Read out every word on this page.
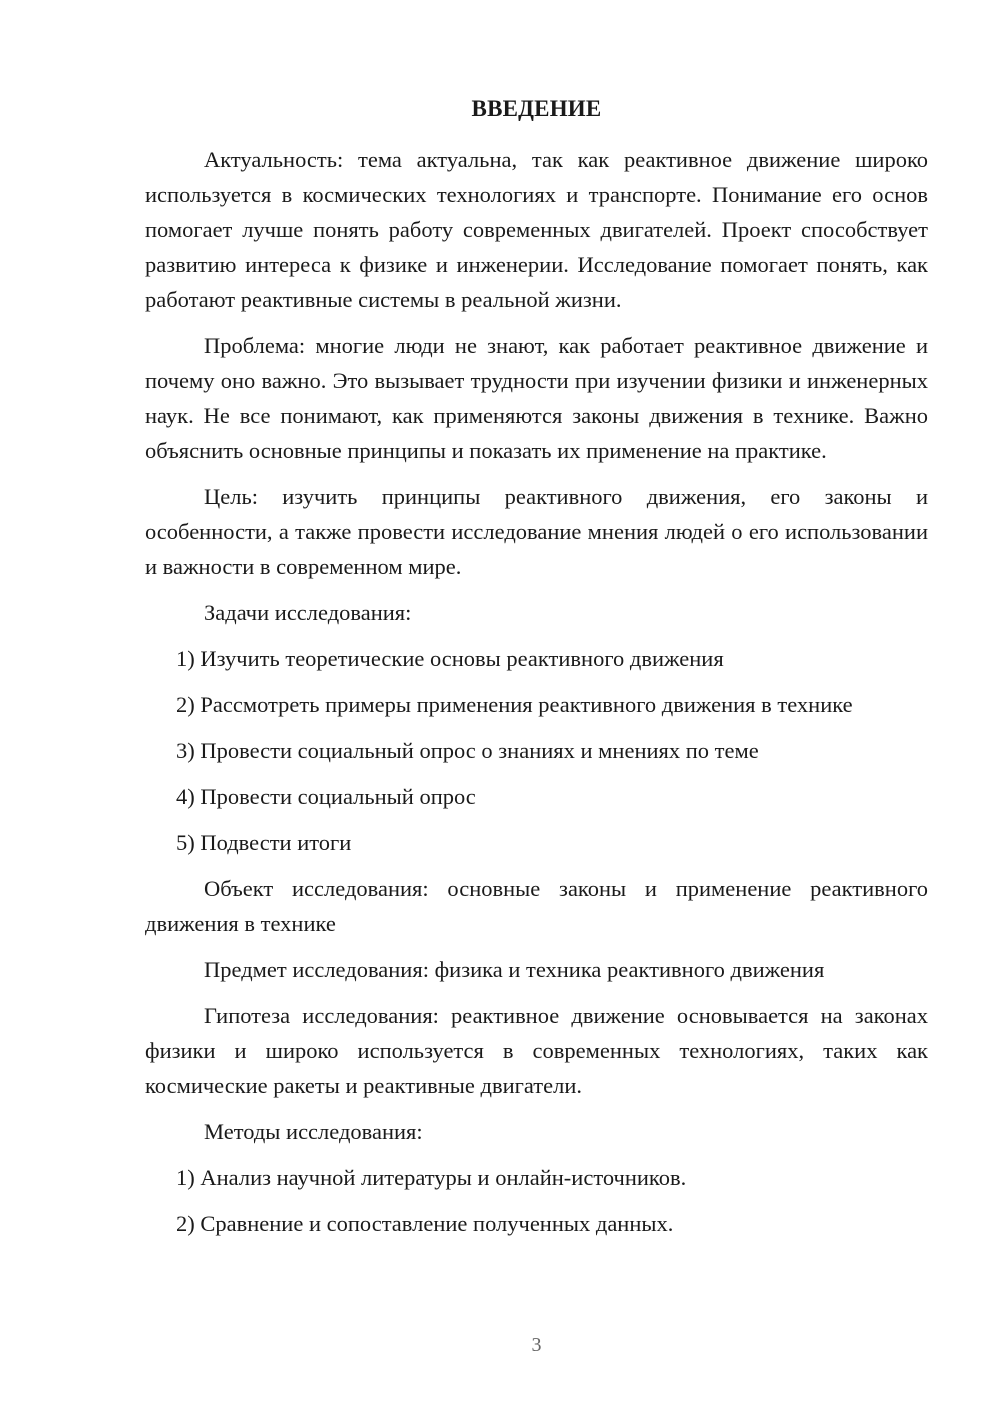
ВВЕДЕНИЕ

Актуальность: тема актуальна, так как реактивное движение широко используется в космических технологиях и транспорте. Понимание его основ помогает лучше понять работу современных двигателей. Проект способствует развитию интереса к физике и инженерии. Исследование помогает понять, как работают реактивные системы в реальной жизни.

Проблема: многие люди не знают, как работает реактивное движение и почему оно важно. Это вызывает трудности при изучении физики и инженерных наук. Не все понимают, как применяются законы движения в технике. Важно объяснить основные принципы и показать их применение на практике.

Цель: изучить принципы реактивного движения, его законы и особенности, а также провести исследование мнения людей о его использовании и важности в современном мире.

Задачи исследования:

1) Изучить теоретические основы реактивного движения

2) Рассмотреть примеры применения реактивного движения в технике

3) Провести социальный опрос о знаниях и мнениях по теме

4) Провести социальный опрос

5) Подвести итоги

Объект исследования: основные законы и применение реактивного движения в технике

Предмет исследования: физика и техника реактивного движения

Гипотеза исследования: реактивное движение основывается на законах физики и широко используется в современных технологиях, таких как космические ракеты и реактивные двигатели.

Методы исследования:

1) Анализ научной литературы и онлайн-источников.

2) Сравнение и сопоставление полученных данных.

3
